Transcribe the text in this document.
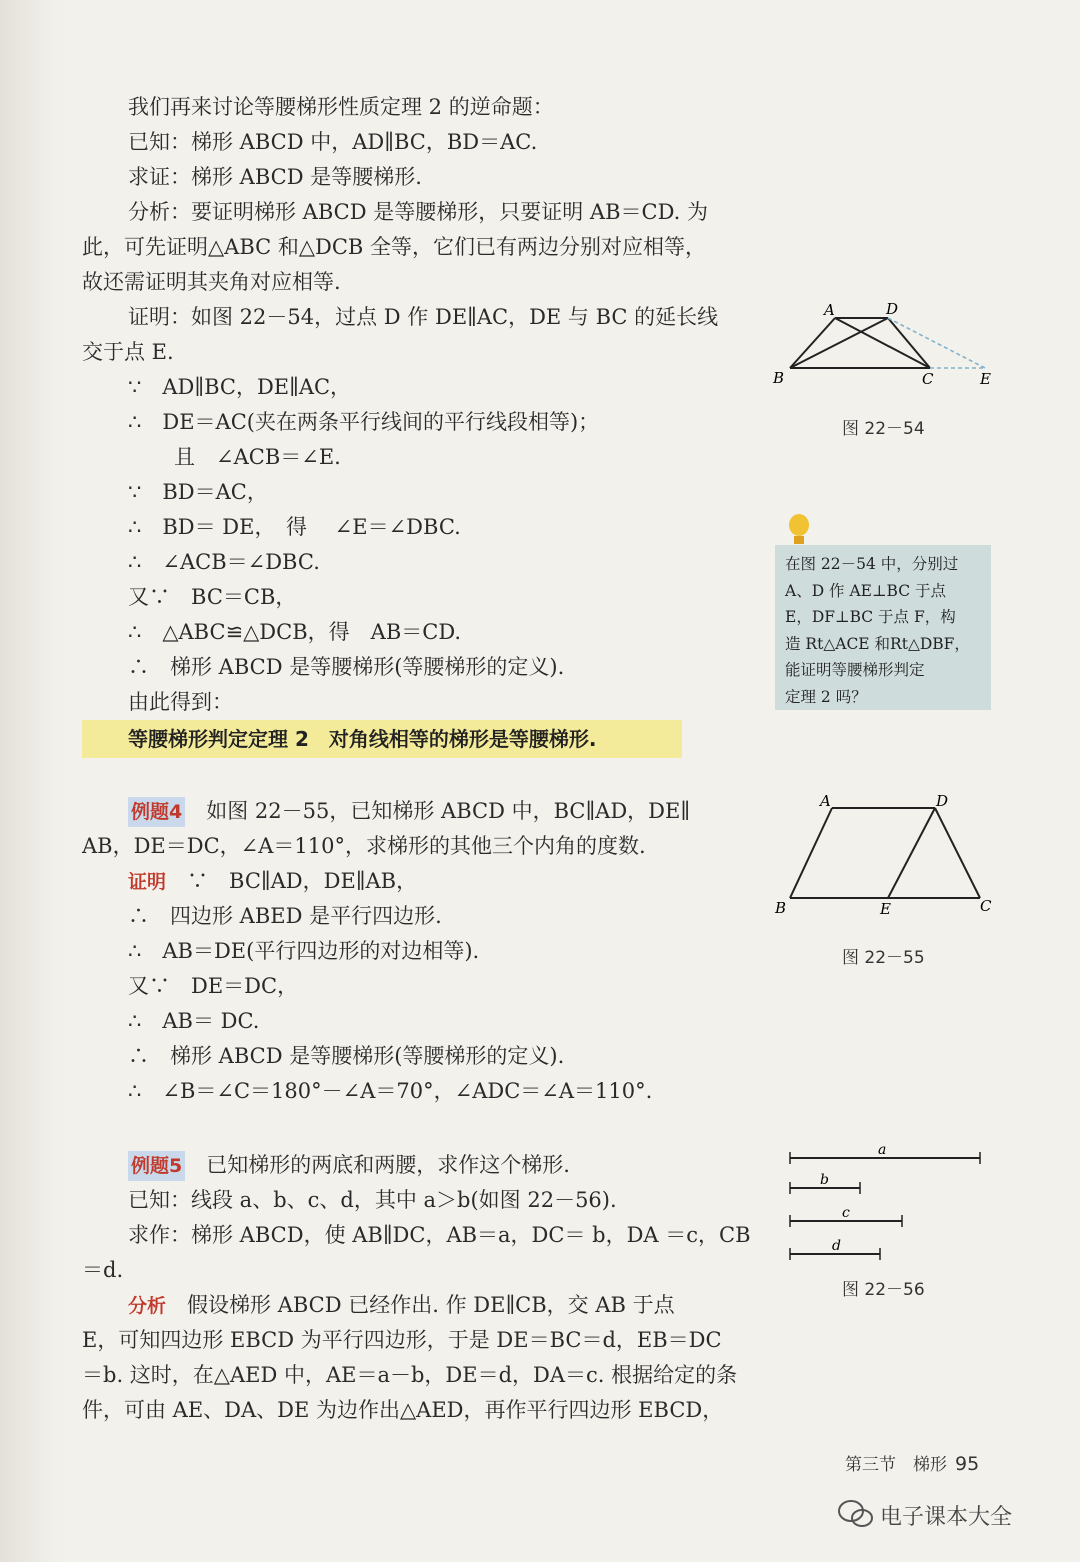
我们再来讨论等腰梯形性质定理 2 的逆命题：
已知：梯形 ABCD 中，AD∥BC，BD＝AC.
求证：梯形 ABCD 是等腰梯形.
分析：要证明梯形 ABCD 是等腰梯形，只要证明 AB＝CD. 为
此，可先证明△ABC 和△DCB 全等，它们已有两边分别对应相等，
故还需证明其夹角对应相等.
证明：如图 22－54，过点 D 作 DE∥AC，DE 与 BC 的延长线
交于点 E.
∵　AD∥BC，DE∥AC，
∴　DE＝AC(夹在两条平行线间的平行线段相等)；
且　∠ACB＝∠E.
∵　BD＝AC，
∴　BD＝ DE，　得　 ∠E＝∠DBC.
∴　∠ACB＝∠DBC.
又∵　BC＝CB，
∴　△ABC≌△DCB，得　AB＝CD.
∴　梯形 ABCD 是等腰梯形(等腰梯形的定义).
由此得到：
等腰梯形判定定理 2　对角线相等的梯形是等腰梯形.
例题4　如图 22－55，已知梯形 ABCD 中，BC∥AD，DE∥
AB，DE＝DC，∠A＝110°，求梯形的其他三个内角的度数.
证明　∵　BC∥AD，DE∥AB，
∴　四边形 ABED 是平行四边形.
∴　AB＝DE(平行四边形的对边相等).
又∵　DE＝DC，
∴　AB＝ DC.
∴　梯形 ABCD 是等腰梯形(等腰梯形的定义).
∴　∠B＝∠C＝180°－∠A＝70°，∠ADC＝∠A＝110°.
例题5　已知梯形的两底和两腰，求作这个梯形.
已知：线段 a、b、c、d，其中 a＞b(如图 22－56).
求作：梯形 ABCD，使 AB∥DC，AB＝a，DC＝ b，DA ＝c，CB
＝d.
分析　假设梯形 ABCD 已经作出. 作 DE∥CB，交 AB 于点
E，可知四边形 EBCD 为平行四边形，于是 DE＝BC＝d，EB＝DC
＝b. 这时，在△AED 中，AE＝a－b，DE＝d，DA＝c. 根据给定的条
件，可由 AE、DA、DE 为边作出△AED，再作平行四边形 EBCD，
A	D
B	C	E
图 22－54
在图 22－54 中，分别过
A、D 作 AE⊥BC 于点
E，DF⊥BC 于点 F，构
造 Rt△ACE 和Rt△DBF，
能证明等腰梯形判定
定理 2 吗？
A	D
B	E	C
图 22－55
a
b
c
d
图 22－56
第三节　梯形 95
电子课本大全
